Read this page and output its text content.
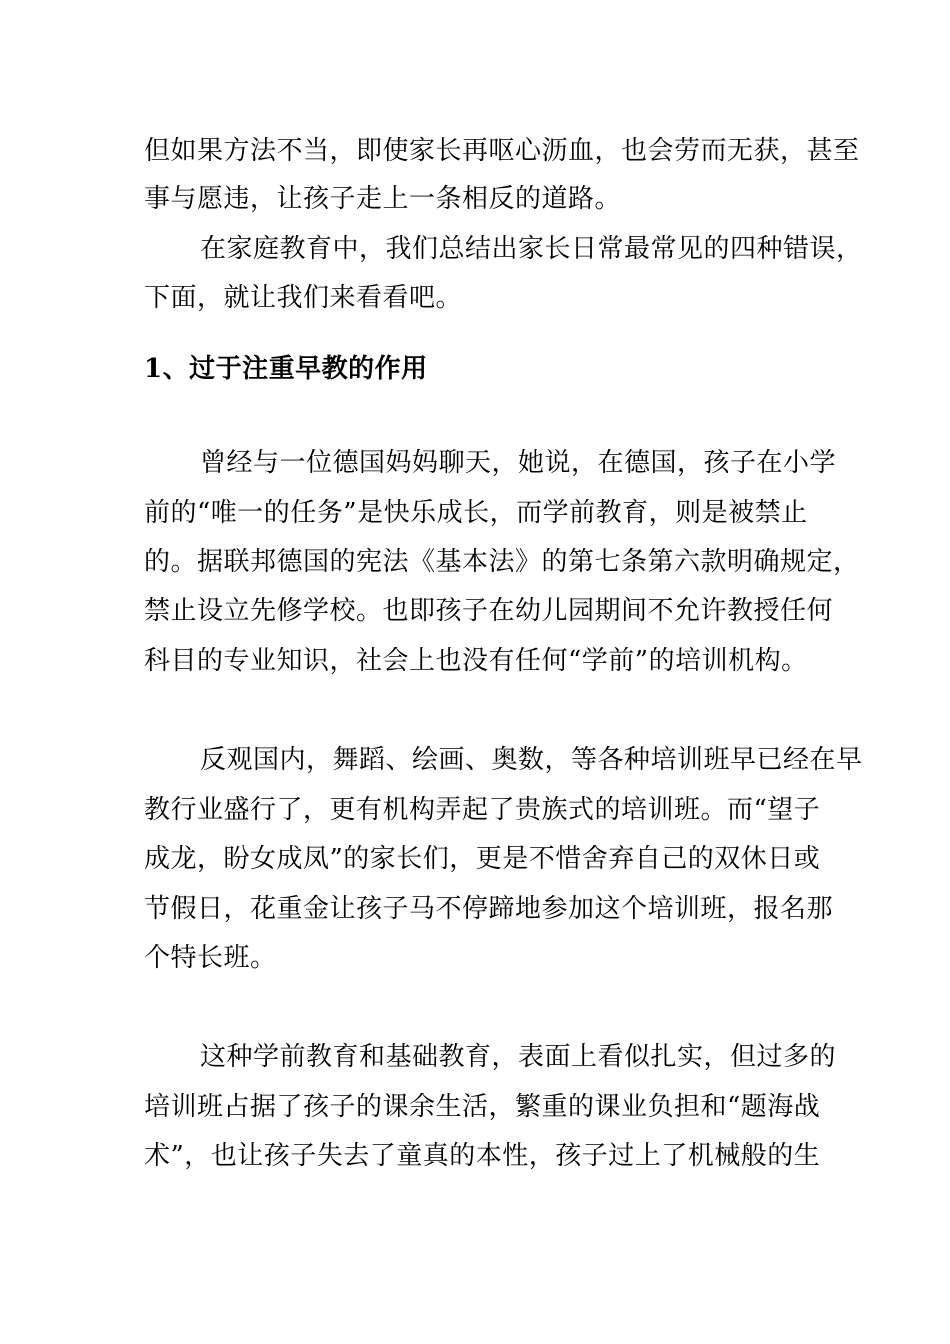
但如果方法不当，即使家长再呕心沥血，也会劳而无获，甚至
事与愿违，让孩子走上一条相反的道路。
在家庭教育中，我们总结出家长日常最常见的四种错误，
下面，就让我们来看看吧。
1、过于注重早教的作用
曾经与一位德国妈妈聊天，她说，在德国，孩子在小学
前的“唯一的任务”是快乐成长，而学前教育，则是被禁止
的。据联邦德国的宪法《基本法》的第七条第六款明确规定，
禁止设立先修学校。也即孩子在幼儿园期间不允许教授任何
科目的专业知识，社会上也没有任何“学前”的培训机构。
反观国内，舞蹈、绘画、奥数，等各种培训班早已经在早
教行业盛行了，更有机构弄起了贵族式的培训班。而“望子
成龙，盼女成凤”的家长们，更是不惜舍弃自己的双休日或
节假日，花重金让孩子马不停蹄地参加这个培训班，报名那
个特长班。
这种学前教育和基础教育，表面上看似扎实，但过多的
培训班占据了孩子的课余生活，繁重的课业负担和“题海战
术”，也让孩子失去了童真的本性，孩子过上了机械般的生
